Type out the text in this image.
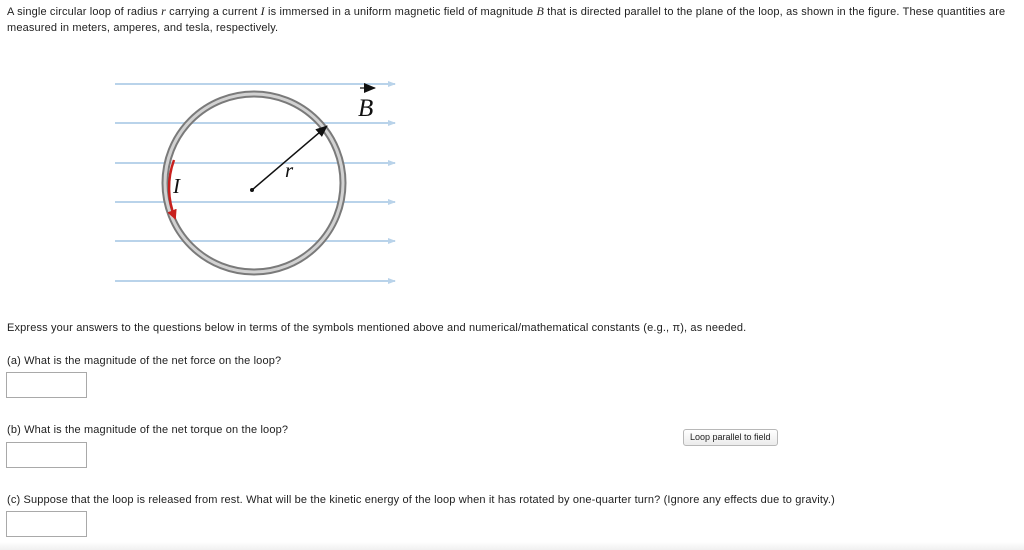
A single circular loop of radius r carrying a current I is immersed in a uniform magnetic field of magnitude B that is directed parallel to the plane of the loop, as shown in the figure. These quantities are measured in meters, amperes, and tesla, respectively.
B
r
I
Express your answers to the questions below in terms of the symbols mentioned above and numerical/mathematical constants (e.g., π), as needed.
(a) What is the magnitude of the net force on the loop?
(b) What is the magnitude of the net torque on the loop?
Loop parallel to field
(c) Suppose that the loop is released from rest. What will be the kinetic energy of the loop when it has rotated by one-quarter turn? (Ignore any effects due to gravity.)
